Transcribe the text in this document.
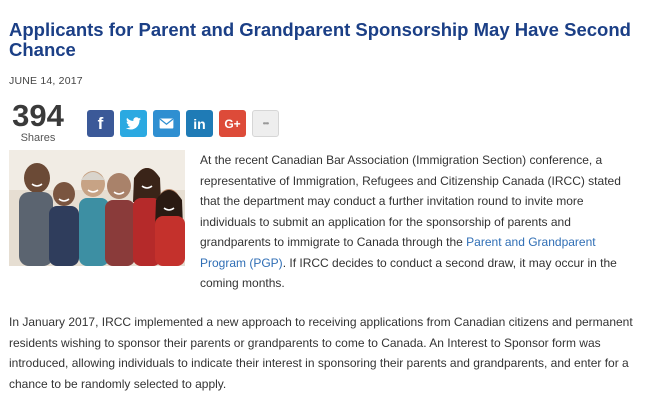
Applicants for Parent and Grandparent Sponsorship May Have Second Chance
JUNE 14, 2017
394
Shares
f	in G+	•••

At the recent Canadian Bar Association (Immigration Section) conference, a representative of Immigration, Refugees and Citizenship Canada (IRCC) stated that the department may conduct a further invitation round to invite more individuals to submit an application for the sponsorship of parents and grandparents to immigrate to Canada through the Parent and Grandparent Program (PGP). If IRCC decides to conduct a second draw, it may occur in the coming months.

In January 2017, IRCC implemented a new approach to receiving applications from Canadian citizens and permanent residents wishing to sponsor their parents or grandparents to come to Canada. An Interest to Sponsor form was introduced, allowing individuals to indicate their interest in sponsoring their parents and grandparents, and enter for a chance to be randomly selected to apply.
